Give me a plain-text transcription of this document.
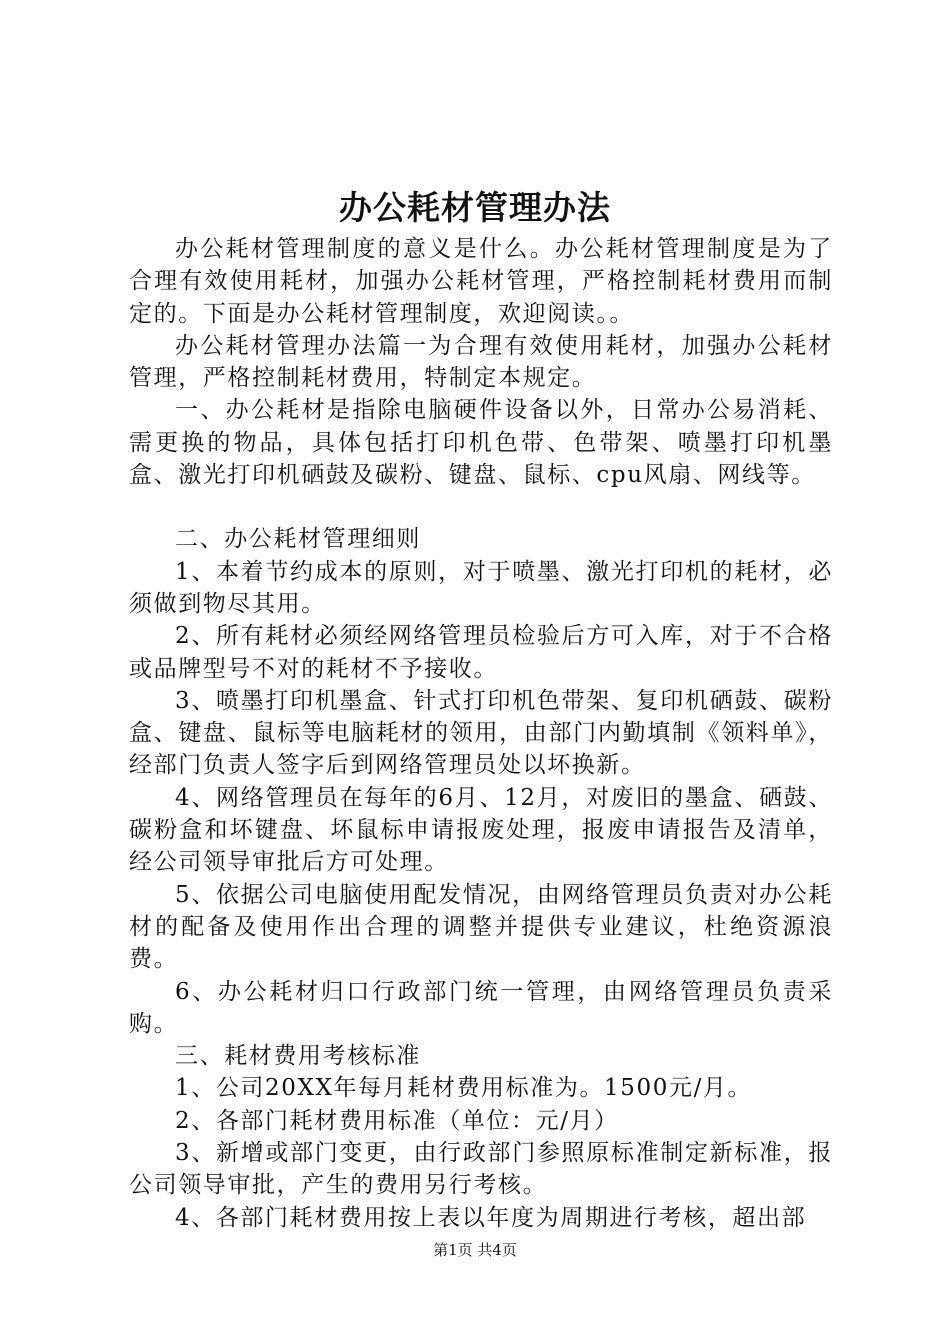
办公耗材管理办法

办公耗材管理制度的意义是什么。办公耗材管理制度是为了合理有效使用耗材，加强办公耗材管理，严格控制耗材费用而制定的。下面是办公耗材管理制度，欢迎阅读。。

办公耗材管理办法篇一为合理有效使用耗材，加强办公耗材管理，严格控制耗材费用，特制定本规定。

一、办公耗材是指除电脑硬件设备以外，日常办公易消耗、需更换的物品，具体包括打印机色带、色带架、喷墨打印机墨盒、激光打印机硒鼓及碳粉、键盘、鼠标、cpu风扇、网线等。

二、办公耗材管理细则

1、本着节约成本的原则，对于喷墨、激光打印机的耗材，必须做到物尽其用。

2、所有耗材必须经网络管理员检验后方可入库，对于不合格或品牌型号不对的耗材不予接收。

3、喷墨打印机墨盒、针式打印机色带架、复印机硒鼓、碳粉盒、键盘、鼠标等电脑耗材的领用，由部门内勤填制《领料单》，经部门负责人签字后到网络管理员处以坏换新。

4、网络管理员在每年的6月、12月，对废旧的墨盒、硒鼓、碳粉盒和坏键盘、坏鼠标申请报废处理，报废申请报告及清单，经公司领导审批后方可处理。

5、依据公司电脑使用配发情况，由网络管理员负责对办公耗材的配备及使用作出合理的调整并提供专业建议，杜绝资源浪费。

6、办公耗材归口行政部门统一管理，由网络管理员负责采购。

三、耗材费用考核标准

1、公司20XX年每月耗材费用标准为。1500元/月。

2、各部门耗材费用标准（单位：元/月）

3、新增或部门变更，由行政部门参照原标准制定新标准，报公司领导审批，产生的费用另行考核。

4、各部门耗材费用按上表以年度为周期进行考核，超出部

第1页 共4页
